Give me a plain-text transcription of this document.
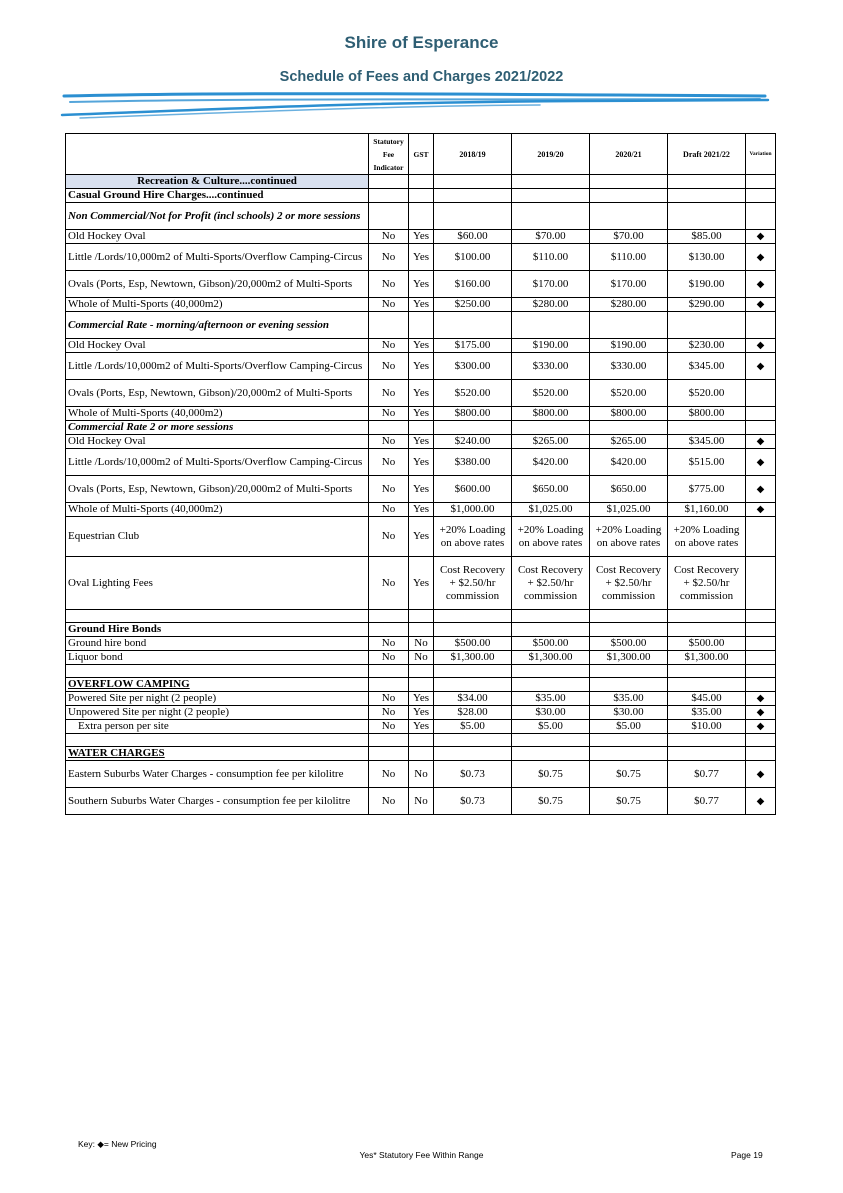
Shire of Esperance
Schedule of Fees and Charges 2021/2022
	Statutory Fee Indicator	GST	2018/19	2019/20	2020/21	Draft 2021/22	Variation
Recreation & Culture....continued							
Casual Ground Hire Charges....continued							
Non Commercial/Not for Profit (incl schools) 2 or more sessions							
Old Hockey Oval	No	Yes	$60.00	$70.00	$70.00	$85.00	◆
Little /Lords/10,000m2 of Multi-Sports/Overflow Camping-Circus	No	Yes	$100.00	$110.00	$110.00	$130.00	◆
Ovals (Ports, Esp, Newtown, Gibson)/20,000m2 of Multi-Sports	No	Yes	$160.00	$170.00	$170.00	$190.00	◆
Whole of Multi-Sports (40,000m2)	No	Yes	$250.00	$280.00	$280.00	$290.00	◆
Commercial Rate - morning/afternoon or evening session							
Old Hockey Oval	No	Yes	$175.00	$190.00	$190.00	$230.00	◆
Little /Lords/10,000m2 of Multi-Sports/Overflow Camping-Circus	No	Yes	$300.00	$330.00	$330.00	$345.00	◆
Ovals (Ports, Esp, Newtown, Gibson)/20,000m2 of Multi-Sports	No	Yes	$520.00	$520.00	$520.00	$520.00	
Whole of Multi-Sports (40,000m2)	No	Yes	$800.00	$800.00	$800.00	$800.00	
Commercial Rate 2 or more sessions							
Old Hockey Oval	No	Yes	$240.00	$265.00	$265.00	$345.00	◆
Little /Lords/10,000m2 of Multi-Sports/Overflow Camping-Circus	No	Yes	$380.00	$420.00	$420.00	$515.00	◆
Ovals (Ports, Esp, Newtown, Gibson)/20,000m2 of Multi-Sports	No	Yes	$600.00	$650.00	$650.00	$775.00	◆
Whole of Multi-Sports (40,000m2)	No	Yes	$1,000.00	$1,025.00	$1,025.00	$1,160.00	◆
Equestrian Club	No	Yes	+20% Loading on above rates	+20% Loading on above rates	+20% Loading on above rates	+20% Loading on above rates	
Oval Lighting Fees	No	Yes	Cost Recovery + $2.50/hr commission	Cost Recovery + $2.50/hr commission	Cost Recovery + $2.50/hr commission	Cost Recovery + $2.50/hr commission	

Ground Hire Bonds							
Ground hire bond	No	No	$500.00	$500.00	$500.00	$500.00	
Liquor bond	No	No	$1,300.00	$1,300.00	$1,300.00	$1,300.00	

OVERFLOW CAMPING							
Powered Site per night (2 people)	No	Yes	$34.00	$35.00	$35.00	$45.00	◆
Unpowered Site per night (2 people)	No	Yes	$28.00	$30.00	$30.00	$35.00	◆
Extra person per site	No	Yes	$5.00	$5.00	$5.00	$10.00	◆

WATER CHARGES							
Eastern Suburbs Water Charges - consumption fee per kilolitre	No	No	$0.73	$0.75	$0.75	$0.77	◆
Southern Suburbs Water Charges - consumption fee per kilolitre	No	No	$0.73	$0.75	$0.75	$0.77	◆
Key: ◆= New Pricing
Yes* Statutory Fee Within Range	Page 19
